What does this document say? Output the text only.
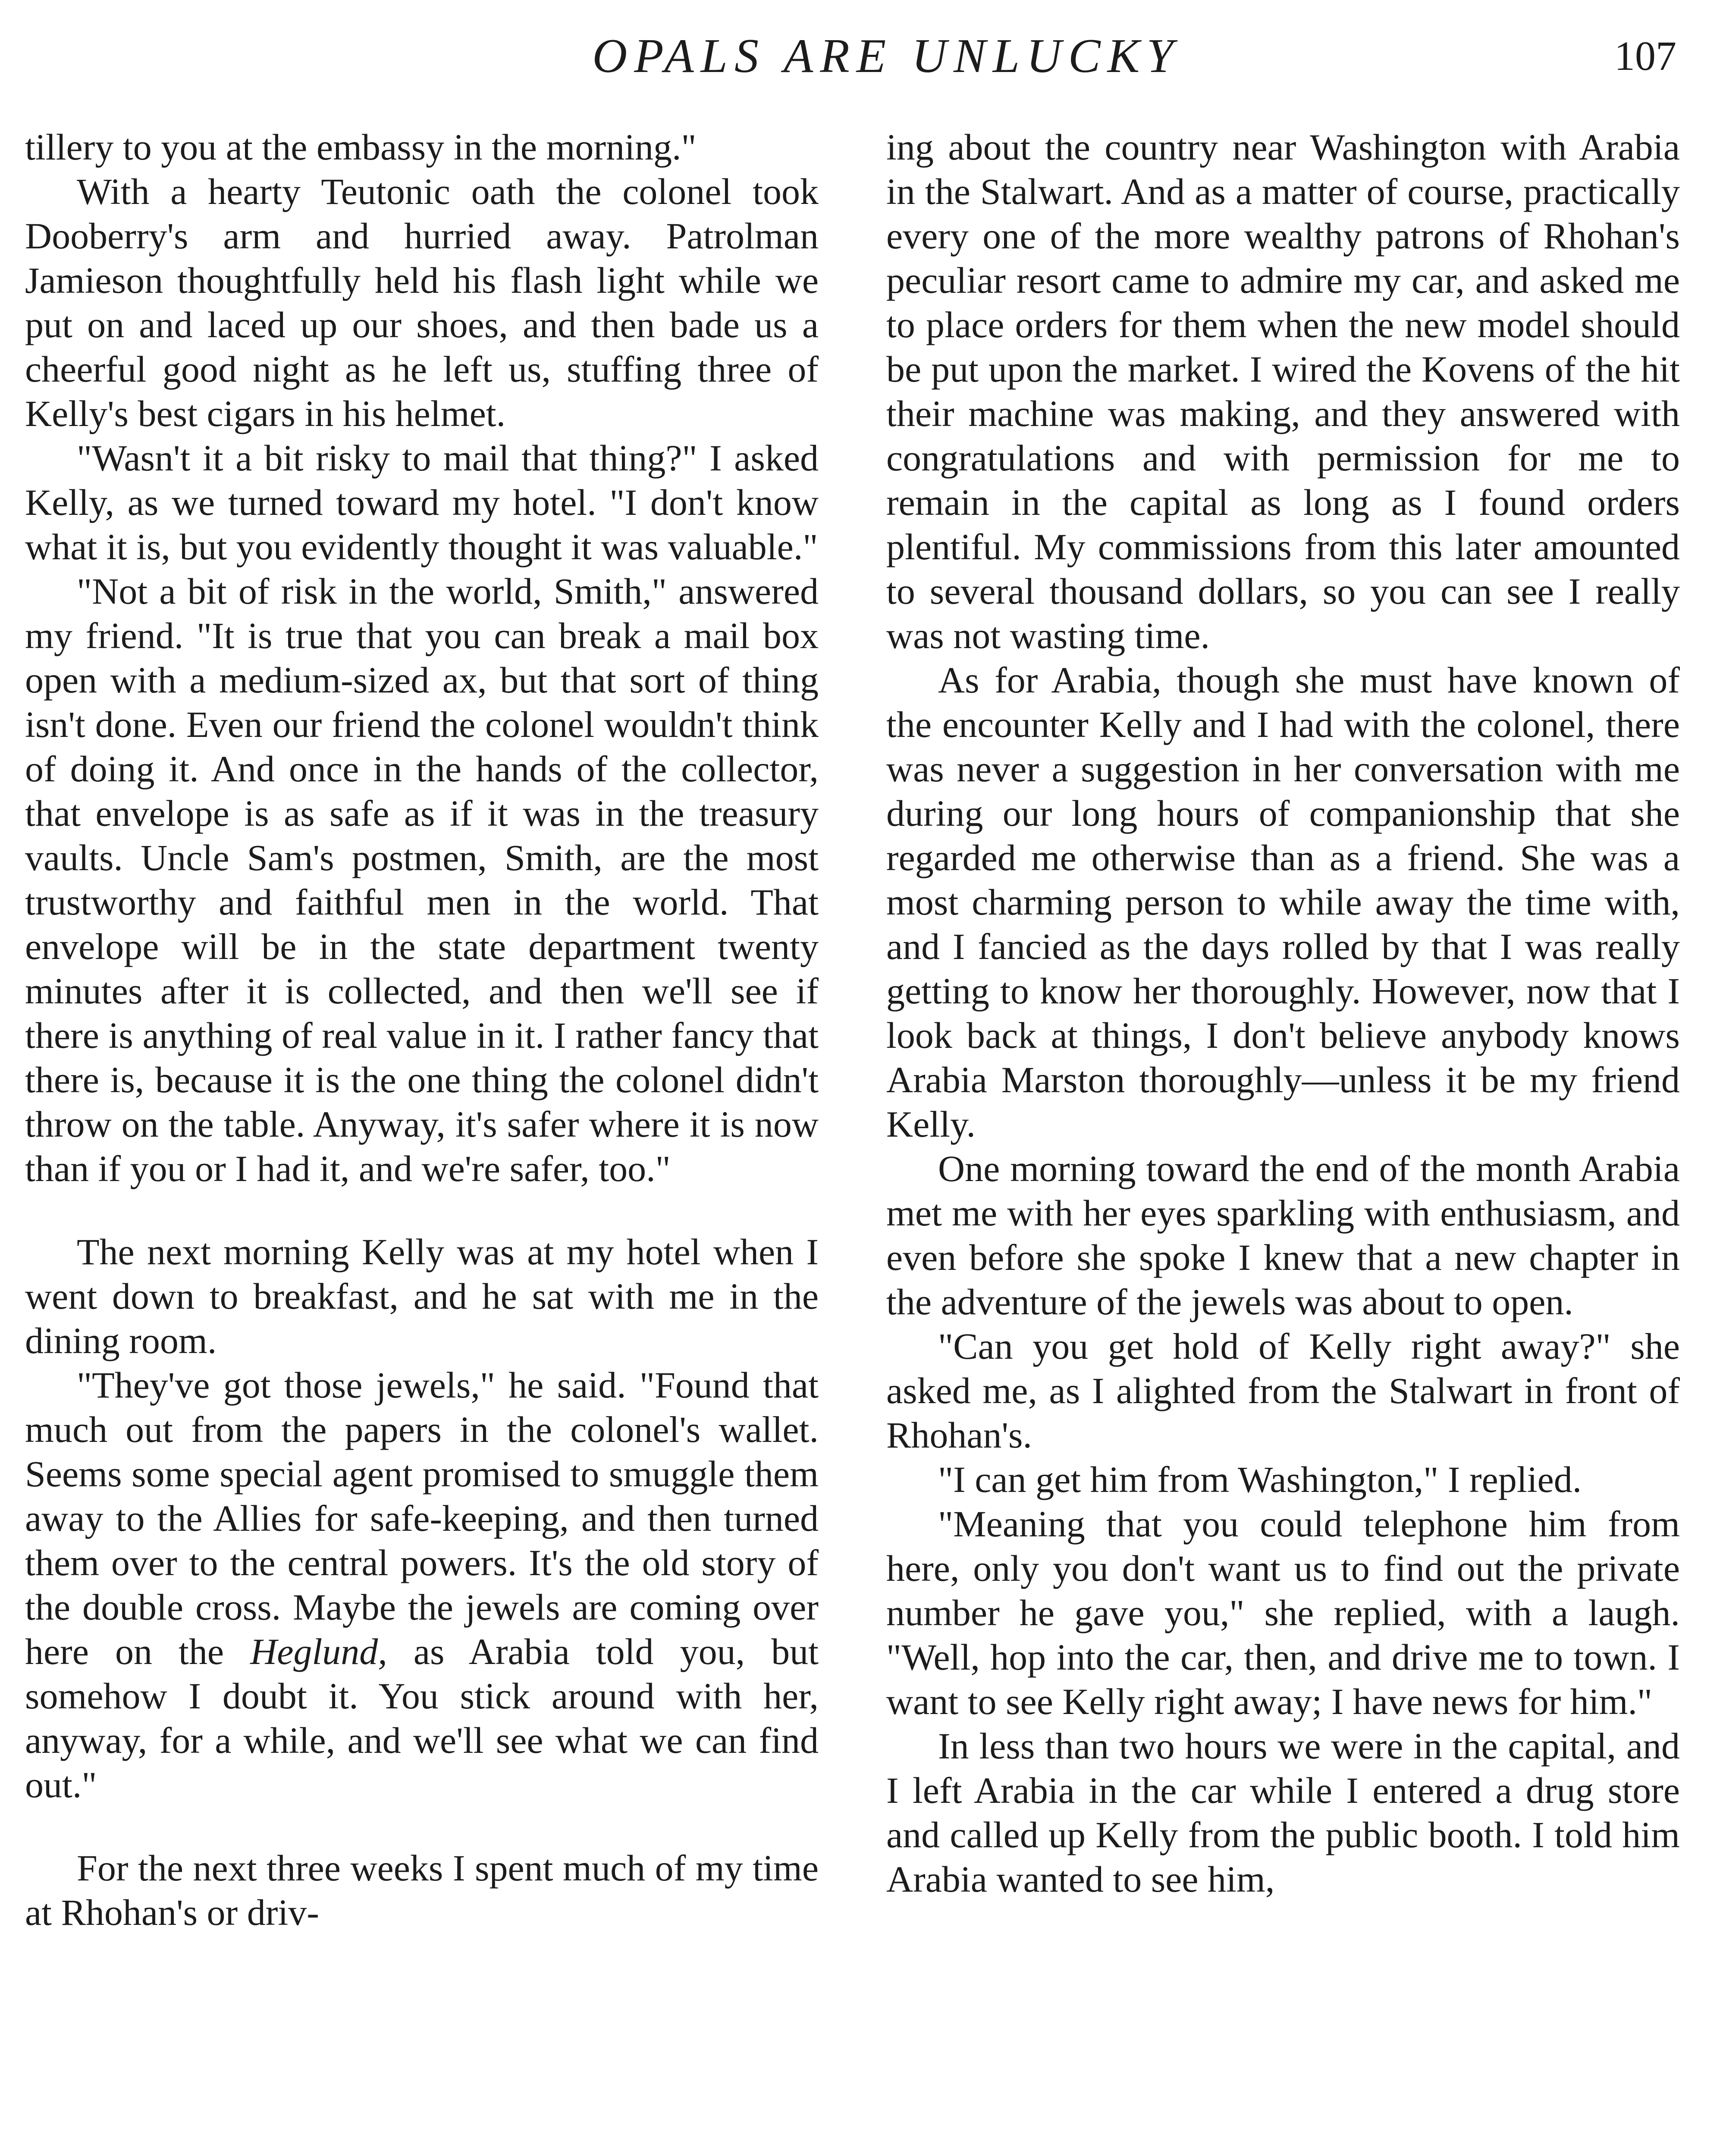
OPALS ARE UNLUCKY	107

tillery to you at the embassy in the morning."

With a hearty Teutonic oath the colonel took Dooberry's arm and hurried away. Patrolman Jamieson thoughtfully held his flash light while we put on and laced up our shoes, and then bade us a cheerful good night as he left us, stuffing three of Kelly's best cigars in his helmet.

"Wasn't it a bit risky to mail that thing?" I asked Kelly, as we turned toward my hotel. "I don't know what it is, but you evidently thought it was valuable."

"Not a bit of risk in the world, Smith," answered my friend. "It is true that you can break a mail box open with a medium-sized ax, but that sort of thing isn't done. Even our friend the colonel wouldn't think of doing it. And once in the hands of the collector, that envelope is as safe as if it was in the treasury vaults. Uncle Sam's postmen, Smith, are the most trustworthy and faithful men in the world. That envelope will be in the state department twenty minutes after it is collected, and then we'll see if there is anything of real value in it. I rather fancy that there is, because it is the one thing the colonel didn't throw on the table. Anyway, it's safer where it is now than if you or I had it, and we're safer, too."

The next morning Kelly was at my hotel when I went down to breakfast, and he sat with me in the dining room.

"They've got those jewels," he said. "Found that much out from the papers in the colonel's wallet. Seems some special agent promised to smuggle them away to the Allies for safe-keeping, and then turned them over to the central powers. It's the old story of the double cross. Maybe the jewels are coming over here on the Heglund, as Arabia told you, but somehow I doubt it. You stick around with her, anyway, for a while, and we'll see what we can find out."

For the next three weeks I spent much of my time at Rhohan's or driv-

ing about the country near Washington with Arabia in the Stalwart. And as a matter of course, practically every one of the more wealthy patrons of Rhohan's peculiar resort came to admire my car, and asked me to place orders for them when the new model should be put upon the market. I wired the Kovens of the hit their machine was making, and they answered with congratulations and with permission for me to remain in the capital as long as I found orders plentiful. My commissions from this later amounted to several thousand dollars, so you can see I really was not wasting time.

As for Arabia, though she must have known of the encounter Kelly and I had with the colonel, there was never a suggestion in her conversation with me during our long hours of companionship that she regarded me otherwise than as a friend. She was a most charming person to while away the time with, and I fancied as the days rolled by that I was really getting to know her thoroughly. However, now that I look back at things, I don't believe anybody knows Arabia Marston thoroughly—unless it be my friend Kelly.

One morning toward the end of the month Arabia met me with her eyes sparkling with enthusiasm, and even before she spoke I knew that a new chapter in the adventure of the jewels was about to open.

"Can you get hold of Kelly right away?" she asked me, as I alighted from the Stalwart in front of Rhohan's.

"I can get him from Washington," I replied.

"Meaning that you could telephone him from here, only you don't want us to find out the private number he gave you," she replied, with a laugh. "Well, hop into the car, then, and drive me to town. I want to see Kelly right away; I have news for him."

In less than two hours we were in the capital, and I left Arabia in the car while I entered a drug store and called up Kelly from the public booth. I told him Arabia wanted to see him,
